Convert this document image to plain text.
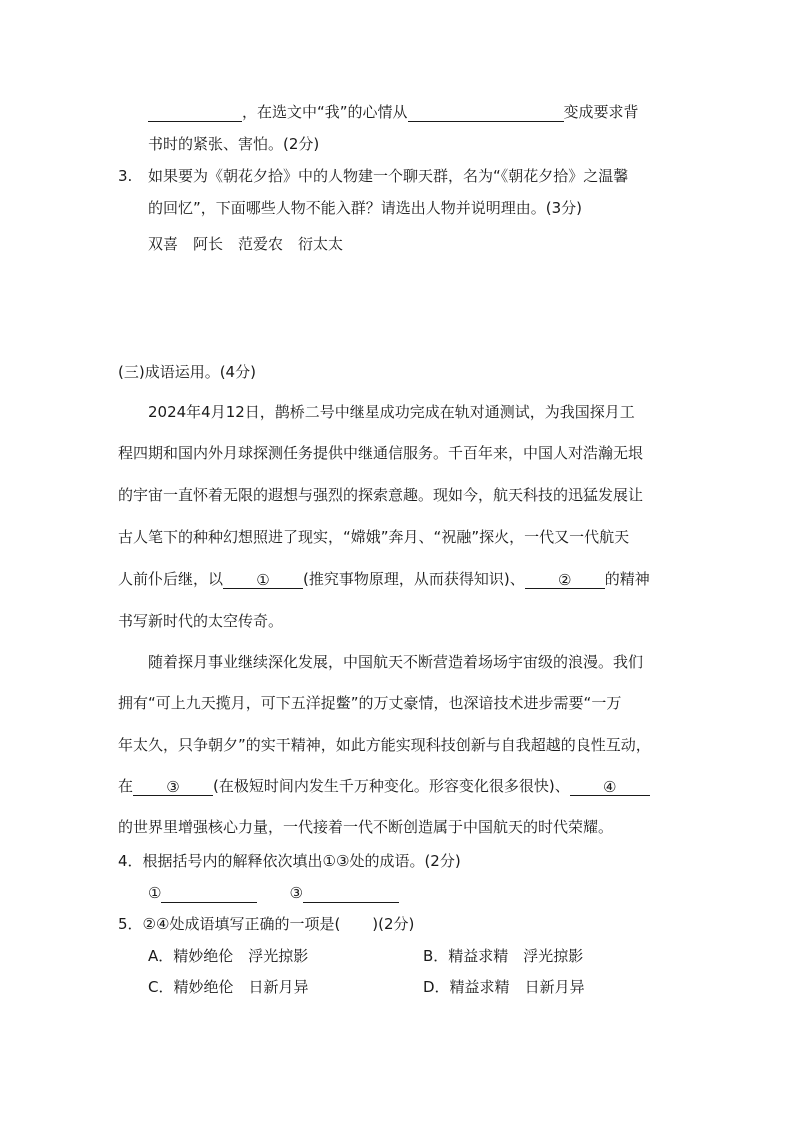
，在选文中“我”的心情从	变成要求背
书时的紧张、害怕。(2分)
3. 如果要为《朝花夕拾》中的人物建一个聊天群，名为“《朝花夕拾》之温馨
的回忆”，下面哪些人物不能入群？请选出人物并说明理由。(3分)
双喜 阿长 范爱农 衍太太
(三)成语运用。(4分)
2024年4月12日，鹊桥二号中继星成功完成在轨对通测试，为我国探月工
程四期和国内外月球探测任务提供中继通信服务。千百年来，中国人对浩瀚无垠
的宇宙一直怀着无限的遐想与强烈的探索意趣。现如今，航天科技的迅猛发展让
古人笔下的种种幻想照进了现实，“嫦娥”奔月、“祝融”探火，一代又一代航天
人前仆后继，以 ① (推究事物原理，从而获得知识)、 ② 的精神
书写新时代的太空传奇。
随着探月事业继续深化发展，中国航天不断营造着场场宇宙级的浪漫。我们
拥有“可上九天揽月，可下五洋捉鳖”的万丈豪情，也深谙技术进步需要“一万
年太久，只争朝夕”的实干精神，如此方能实现科技创新与自我超越的良性互动，
在 ③ (在极短时间内发生千万种变化。形容变化很多很快)、 ④
的世界里增强核心力量，一代接着一代不断创造属于中国航天的时代荣耀。
4．根据括号内的解释依次填出①③处的成语。(2分)
①	③
5．②④处成语填写正确的一项是( )(2分)
A．精妙绝伦 浮光掠影	B．精益求精 浮光掠影
C．精妙绝伦 日新月异	D．精益求精 日新月异
